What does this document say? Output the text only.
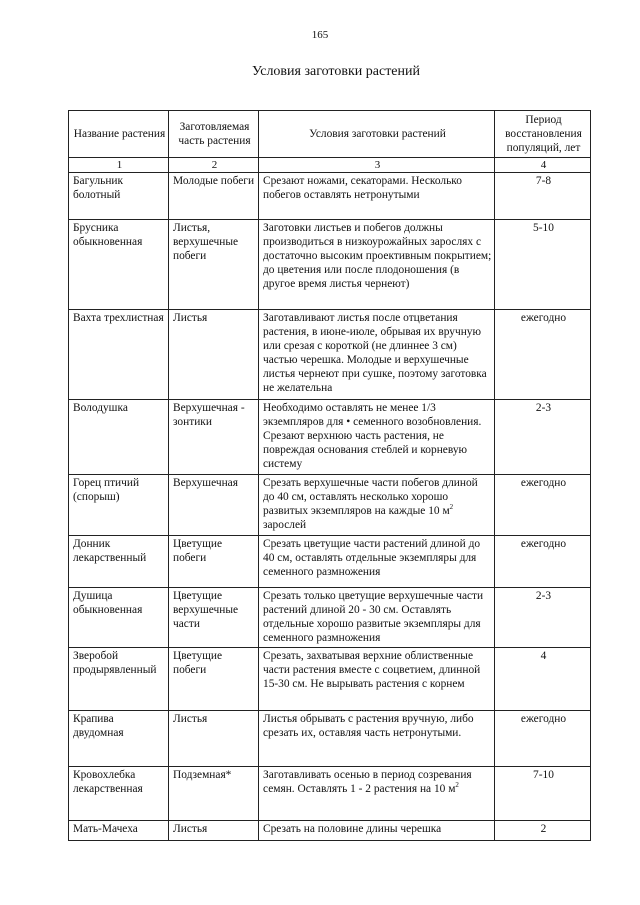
165
Условия заготовки растений
Название растения	Заготовляемая часть растения	Условия заготовки растений	Период восстановления популяций, лет
1	2	3	4
Багульник болотный	Молодые побеги	Срезают ножами, секаторами. Несколько побегов оставлять нетронутыми	7-8
Брусника обыкновенная	Листья, верхушечные побеги	Заготовки листьев и побегов должны производиться в низкоурожайных зарослях с достаточно высоким проективным покрытием; до цветения или после плодоношения (в другое время листья чернеют)	5-10
Вахта трехлистная	Листья	Заготавливают листья после отцветания растения, в июне-июле, обрывая их вручную или срезая с короткой (не длиннее 3 см) частью черешка. Молодые и верхушечные листья чернеют при сушке, поэтому заготовка не желательна	ежегодно
Володушка	Верхушечная - зонтики	Необходимо оставлять не менее 1/3 экземпляров для • семенного возобновления. Срезают верхнюю часть растения, не повреждая основания стеблей и корневую систему	2-3
Горец птичий (спорыш)	Верхушечная	Срезать верхушечные части побегов длиной до 40 см, оставлять несколько хорошо развитых экземпляров на каждые 10 $м^2$ зарослей	ежегодно
Донник лекарственный	Цветущие побеги	Срезать цветущие части растений длиной до 40 см, оставлять отдельные экземпляры для семенного размножения	ежегодно
Душица обыкновенная	Цветущие верхушечные части	Срезать только цветущие верхушечные части растений длиной 20 - 30 см. Оставлять отдельные хорошо развитые экземпляры для семенного размножения	2-3
Зверобой продырявленный	Цветущие побеги	Срезать, захватывая верхние облиственные части растения вместе с соцветием, длинной 15-30 см. Не вырывать растения с корнем	4
Крапива двудомная	Листья	Листья обрывать с растения вручную, либо срезать их, оставляя часть нетронутыми.	ежегодно
Кровохлебка лекарственная	Подземная*	Заготавливать осенью в период созревания семян. Оставлять 1 - 2 растения на 10 $м^2$	7-10
Мать-Мачеха	Листья	Срезать на половине длины черешка	2
